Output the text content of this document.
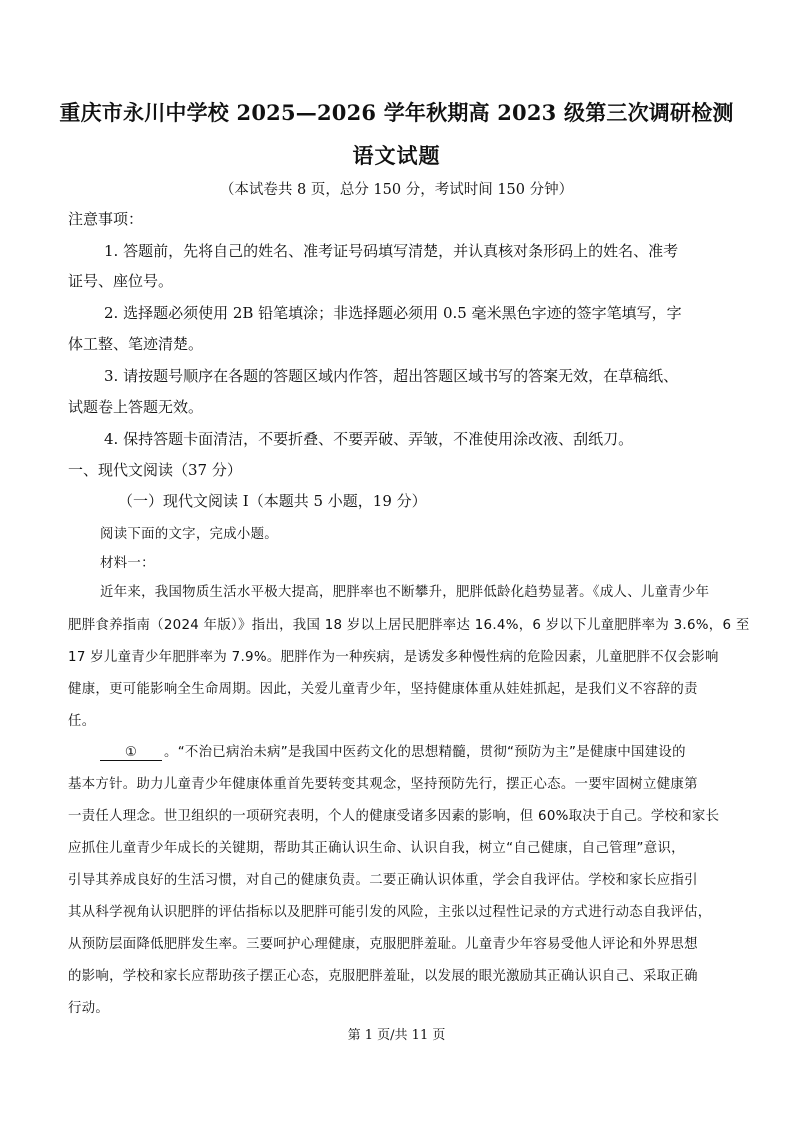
重庆市永川中学校 2025—2026 学年秋期高 2023 级第三次调研检测
语文试题
（本试卷共 8 页，总分 150 分，考试时间 150 分钟）
注意事项：
1. 答题前，先将自己的姓名、准考证号码填写清楚，并认真核对条形码上的姓名、准考
证号、座位号。
2. 选择题必须使用 2B 铅笔填涂；非选择题必须用 0.5 毫米黑色字迹的签字笔填写，字
体工整、笔迹清楚。
3. 请按题号顺序在各题的答题区域内作答，超出答题区域书写的答案无效，在草稿纸、
试题卷上答题无效。
4. 保持答题卡面清洁，不要折叠、不要弄破、弄皱，不准使用涂改液、刮纸刀。
一、现代文阅读（37 分）
（一）现代文阅读 I（本题共 5 小题，19 分）
阅读下面的文字，完成小题。
材料一：
近年来，我国物质生活水平极大提高，肥胖率也不断攀升，肥胖低龄化趋势显著。《成人、儿童青少年
肥胖食养指南（2024 年版）》指出，我国 18 岁以上居民肥胖率达 16.4%，6 岁以下儿童肥胖率为 3.6%，6 至
17 岁儿童青少年肥胖率为 7.9%。肥胖作为一种疾病，是诱发多种慢性病的危险因素，儿童肥胖不仅会影响
健康，更可能影响全生命周期。因此，关爱儿童青少年，坚持健康体重从娃娃抓起，是我们义不容辞的责
任。
① 。“不治已病治未病”是我国中医药文化的思想精髓，贯彻“预防为主”是健康中国建设的
基本方针。助力儿童青少年健康体重首先要转变其观念，坚持预防先行，摆正心态。一要牢固树立健康第
一责任人理念。世卫组织的一项研究表明，个人的健康受诸多因素的影响，但 60%取决于自己。学校和家长
应抓住儿童青少年成长的关键期，帮助其正确认识生命、认识自我，树立“自己健康，自己管理”意识，
引导其养成良好的生活习惯，对自己的健康负责。二要正确认识体重，学会自我评估。学校和家长应指引
其从科学视角认识肥胖的评估指标以及肥胖可能引发的风险，主张以过程性记录的方式进行动态自我评估，
从预防层面降低肥胖发生率。三要呵护心理健康，克服肥胖羞耻。儿童青少年容易受他人评论和外界思想
的影响，学校和家长应帮助孩子摆正心态，克服肥胖羞耻，以发展的眼光激励其正确认识自己、采取正确
行动。
第 1 页/共 11 页
